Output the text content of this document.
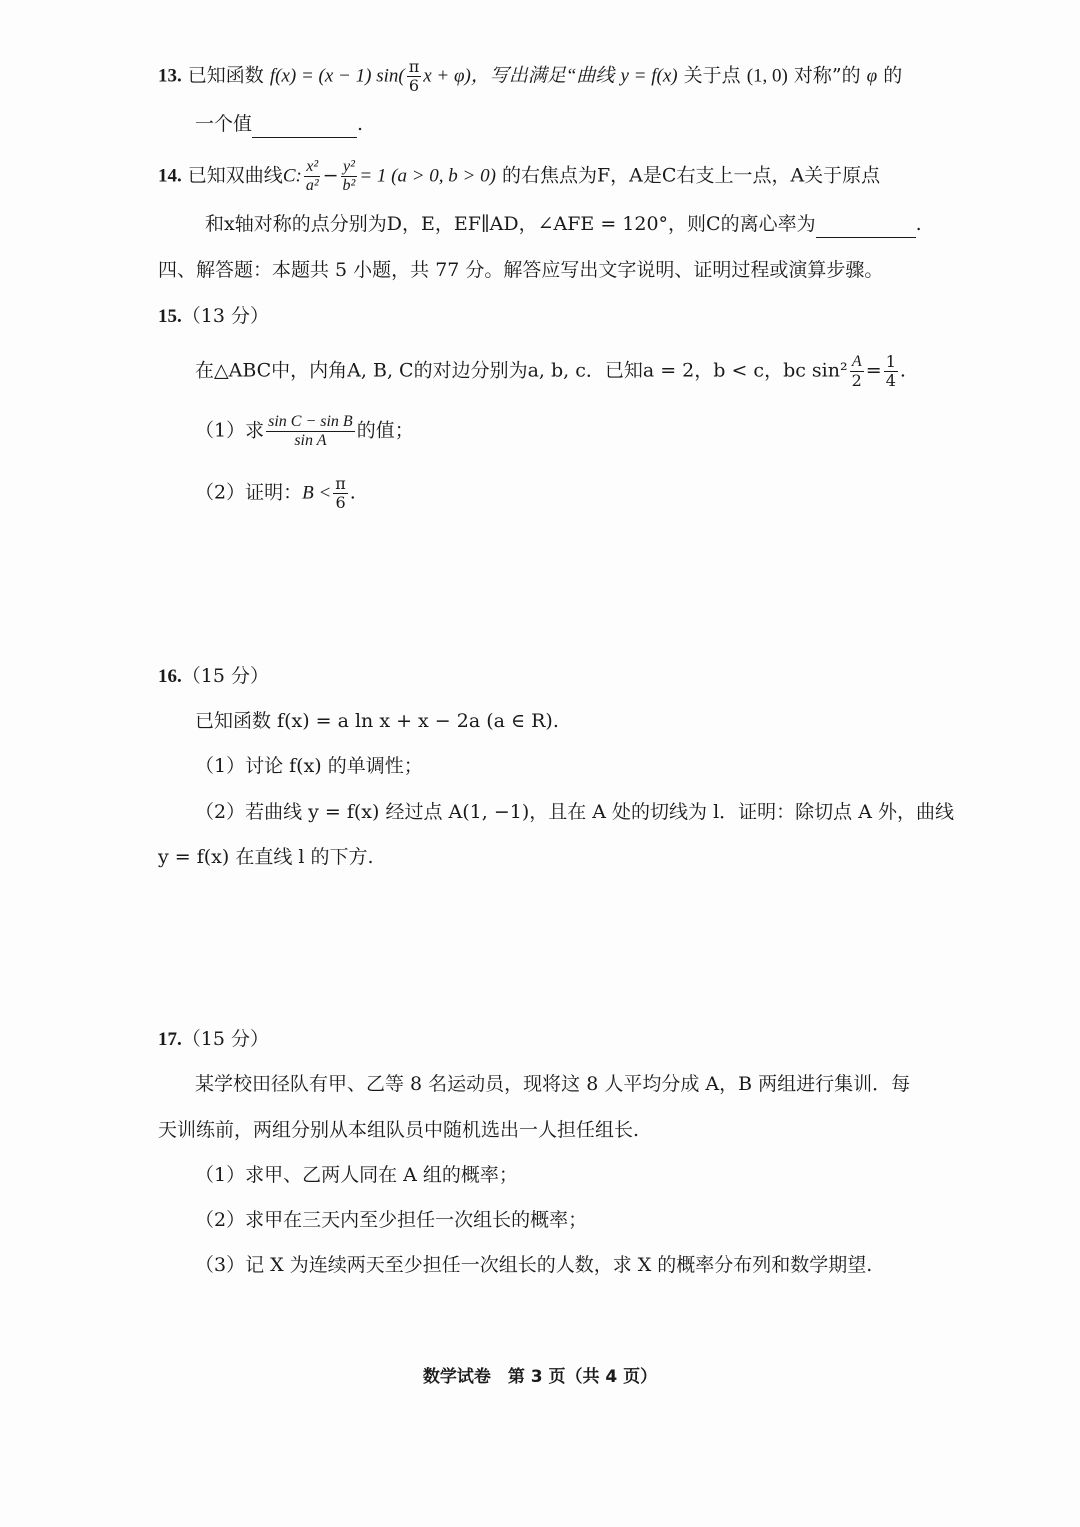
13. 已知函数 f(x) = (x − 1) $\sin( \frac{\pi}{6}$ x + φ)，写出满足“曲线 y = f(x) 关于点 (1, 0) 对称”的 φ 的
一个值	.
14. 已知双曲线C: $\frac{\text{x²}}{\text{a²}} - \frac{\text{y²}}{\text{b²}} = 1$ (a > 0, b > 0) 的右焦点为F，A是C右支上一点，A关于原点
和x轴对称的点分别为D，E，EF∥AD，∠AFE = 120°，则C的离心率为	.
四、解答题：本题共 5 小题，共 77 分。解答应写出文字说明、证明过程或演算步骤。
15.（13 分）
在△ABC中，内角A, B, C的对边分别为a, b, c．已知a = 2，b < c，bc $\sin^2 \frac{A}{2} = \frac{1}{4}$ .
（1）求 $\frac{\text{sin C − sin B}}{\text{sin A}}$ 的值；
（2）证明：$B < \frac{\pi}{6}$ .
16.（15 分）
已知函数 f(x) = a ln x + x − 2a (a ∈ R).
（1）讨论 f(x) 的单调性；
（2）若曲线 y = f(x) 经过点 A(1, −1)，且在 A 处的切线为 l．证明：除切点 A 外，曲线
y = f(x) 在直线 l 的下方.
17.（15 分）
某学校田径队有甲、乙等 8 名运动员，现将这 8 人平均分成 A，B 两组进行集训．每
天训练前，两组分别从本组队员中随机选出一人担任组长.
（1）求甲、乙两人同在 A 组的概率；
（2）求甲在三天内至少担任一次组长的概率；
（3）记 X 为连续两天至少担任一次组长的人数，求 X 的概率分布列和数学期望.
数学试卷　第 3 页（共 4 页）
